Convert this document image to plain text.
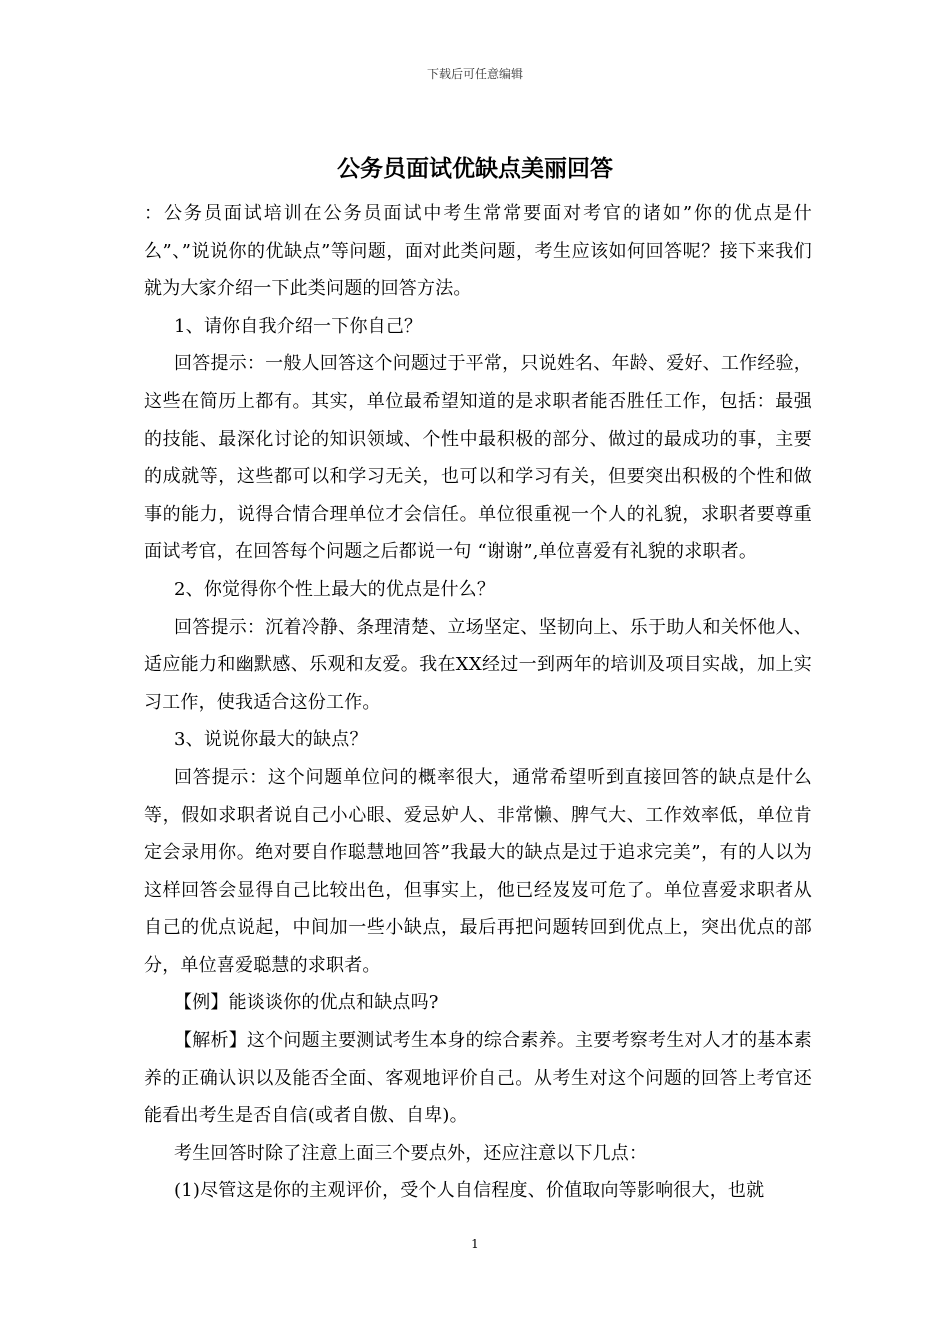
下载后可任意编辑
公务员面试优缺点美丽回答

：公务员面试培训在公务员面试中考生常常要面对考官的诸如”你的优点是什么”、”说说你的优缺点”等问题，面对此类问题，考生应该如何回答呢？接下来我们就为大家介绍一下此类问题的回答方法。

1、请你自我介绍一下你自己？

回答提示：一般人回答这个问题过于平常，只说姓名、年龄、爱好、工作经验，这些在简历上都有。其实，单位最希望知道的是求职者能否胜任工作，包括：最强的技能、最深化讨论的知识领域、个性中最积极的部分、做过的最成功的事，主要的成就等，这些都可以和学习无关，也可以和学习有关，但要突出积极的个性和做事的能力，说得合情合理单位才会信任。单位很重视一个人的礼貌，求职者要尊重面试考官，在回答每个问题之后都说一句 “谢谢”,单位喜爱有礼貌的求职者。

2、你觉得你个性上最大的优点是什么？

回答提示：沉着冷静、条理清楚、立场坚定、坚韧向上、乐于助人和关怀他人、适应能力和幽默感、乐观和友爱。我在XX经过一到两年的培训及项目实战，加上实习工作，使我适合这份工作。

3、说说你最大的缺点？

回答提示：这个问题单位问的概率很大，通常希望听到直接回答的缺点是什么等，假如求职者说自己小心眼、爱忌妒人、非常懒、脾气大、工作效率低，单位肯定会录用你。绝对要自作聪慧地回答”我最大的缺点是过于追求完美”，有的人以为这样回答会显得自己比较出色，但事实上，他已经岌岌可危了。单位喜爱求职者从自己的优点说起，中间加一些小缺点，最后再把问题转回到优点上，突出优点的部分，单位喜爱聪慧的求职者。

【例】能谈谈你的优点和缺点吗?

【解析】这个问题主要测试考生本身的综合素养。主要考察考生对人才的基本素养的正确认识以及能否全面、客观地评价自己。从考生对这个问题的回答上考官还能看出考生是否自信(或者自傲、自卑)。

考生回答时除了注意上面三个要点外，还应注意以下几点：

(1)尽管这是你的主观评价，受个人自信程度、价值取向等影响很大，也就

1
